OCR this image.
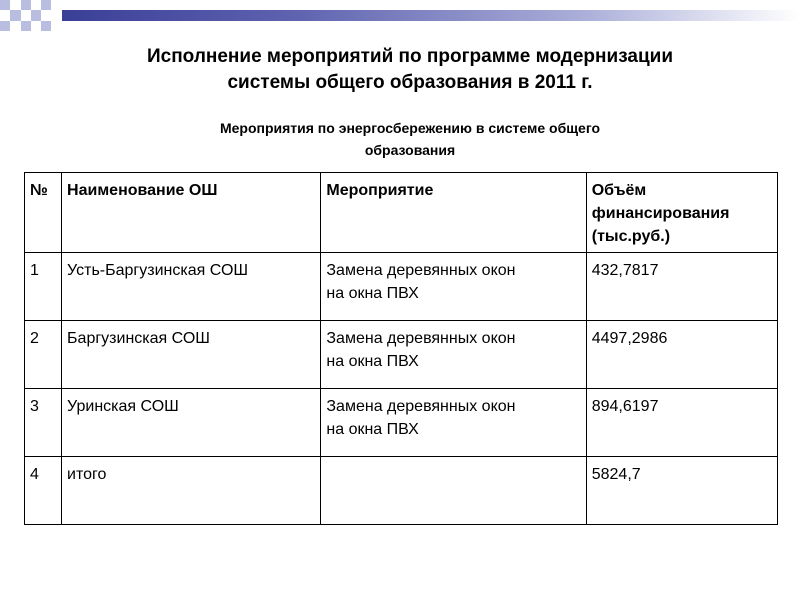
Исполнение мероприятий по программе модернизации
системы общего образования в 2011 г.
Мероприятия по энергосбережению в системе общего
образования
№	Наименование ОШ	Мероприятие	Объём
финансирования
(тыс.руб.)

1	Усть-Баргузинская СОШ	Замена деревянных окон
на окна ПВХ	432,7817
2	Баргузинская СОШ	Замена деревянных окон
на окна ПВХ	4497,2986
3	Уринская СОШ	Замена деревянных окон
на окна ПВХ	894,6197
4	итого		5824,7
